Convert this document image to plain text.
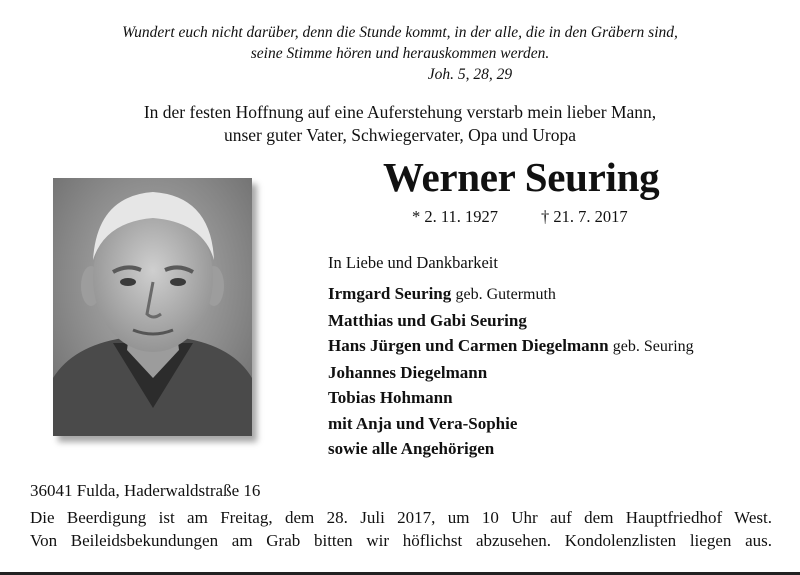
Wundert euch nicht darüber, denn die Stunde kommt, in der alle, die in den Gräbern sind,
seine Stimme hören und herauskommen werden.
Joh. 5, 28, 29
In der festen Hoffnung auf eine Auferstehung verstarb mein lieber Mann,
unser guter Vater, Schwiegervater, Opa und Uropa
Werner Seuring
* 2. 11. 1927	† 21. 7. 2017
In Liebe und Dankbarkeit
Irmgard Seuring geb. Gutermuth
Matthias und Gabi Seuring
Hans Jürgen und Carmen Diegelmann geb. Seuring
Johannes Diegelmann
Tobias Hohmann
mit Anja und Vera-Sophie
sowie alle Angehörigen
36041 Fulda, Haderwaldstraße 16
Die Beerdigung ist am Freitag, dem 28. Juli 2017, um 10 Uhr auf dem Hauptfriedhof West.
Von Beileidsbekundungen am Grab bitten wir höflichst abzusehen. Kondolenzlisten liegen aus.
